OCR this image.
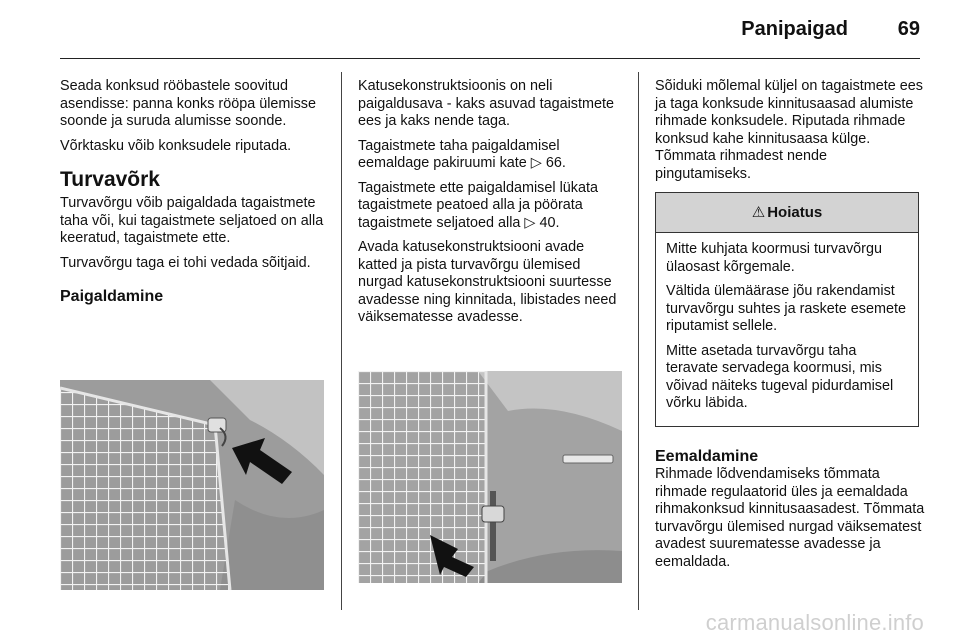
Panipaigad 69

Seada konksud rööbastele soovitud asendisse: panna konks rööpa ülemisse soonde ja suruda alumisse soonde.

Võrktasku võib konksudele riputada.

Turvavõrk

Turvavõrgu võib paigaldada tagaistmete taha või, kui tagaistmete seljatoed on alla keeratud, tagaistmete ette.

Turvavõrgu taga ei tohi vedada sõitjaid.

Paigaldamine

Katusekonstruktsioonis on neli paigaldusava - kaks asuvad tagaistmete ees ja kaks nende taga.

Tagaistmete taha paigaldamisel eemaldage pakiruumi kate ▷ 66.

Tagaistmete ette paigaldamisel lükata tagaistmete peatoed alla ja pöörata tagaistmete seljatoed alla ▷ 40.

Avada katusekonstruktsiooni avade katted ja pista turvavõrgu ülemised nurgad katusekonstruktsiooni suurtesse avadesse ning kinnitada, libistades need väiksematesse avadesse.

Sõiduki mõlemal küljel on tagaistmete ees ja taga konksude kinnitusaasad alumiste rihmade konksudele. Riputada rihmade konksud kahe kinnitusaasa külge. Tõmmata rihmadest nende pingutamiseks.

⚠ Hoiatus

Mitte kuhjata koormusi turvavõrgu ülaosast kõrgemale.

Vältida ülemäärase jõu rakendamist turvavõrgu suhtes ja raskete esemete riputamist sellele.

Mitte asetada turvavõrgu taha teravate servadega koormusi, mis võivad näiteks tugeval pidurdamisel võrku läbida.

Eemaldamine

Rihmade lõdvendamiseks tõmmata rihmade regulaatorid üles ja eemaldada rihmakonksud kinnitusaasadest. Tõmmata turvavõrgu ülemised nurgad väiksematest avadest suurematesse avadesse ja eemaldada.

carmanualsonline.info
